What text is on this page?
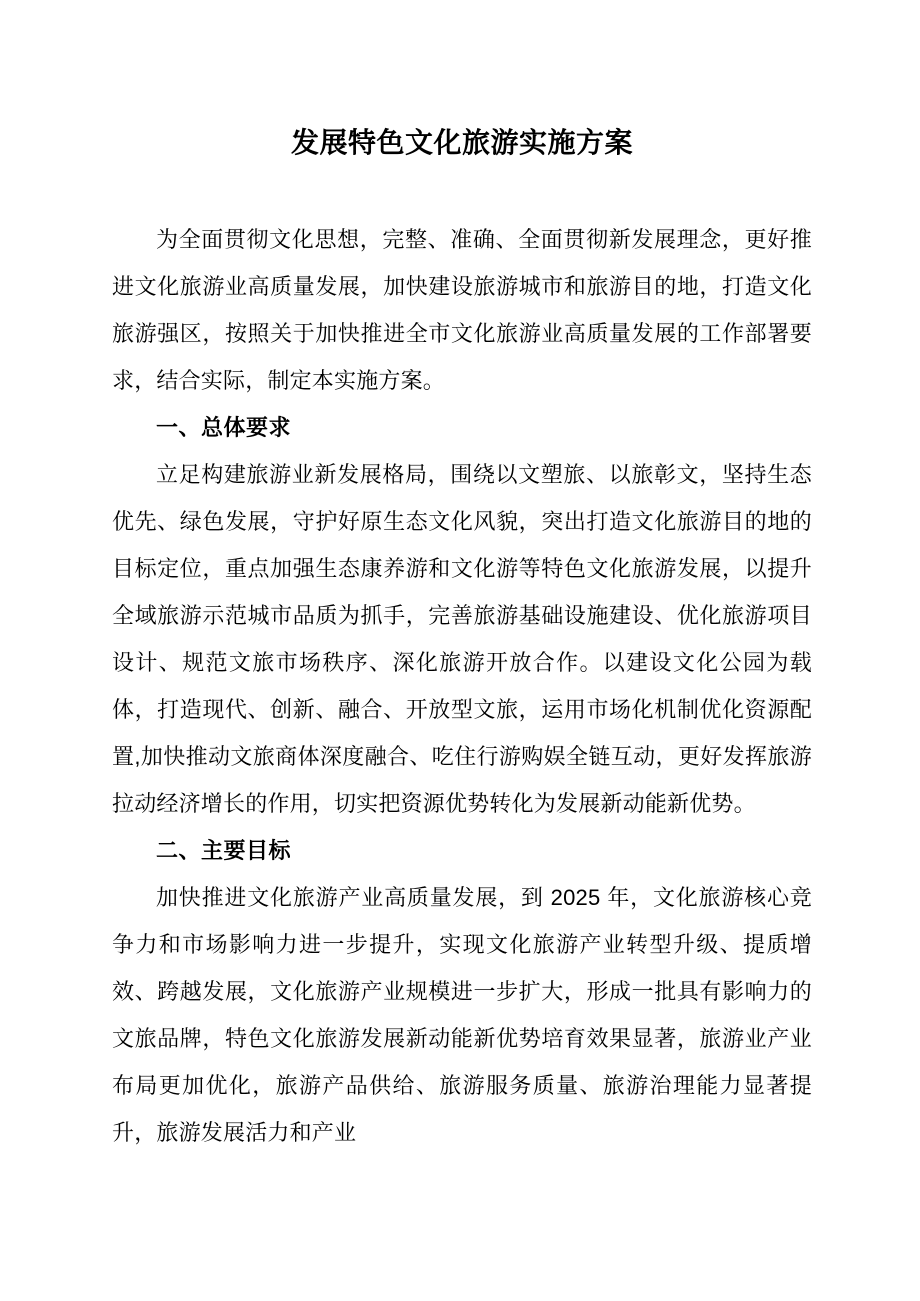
发展特色文化旅游实施方案

为全面贯彻文化思想，完整、准确、全面贯彻新发展理念，更好推进文化旅游业高质量发展，加快建设旅游城市和旅游目的地，打造文化旅游强区，按照关于加快推进全市文化旅游业高质量发展的工作部署要求，结合实际，制定本实施方案。

一、总体要求

立足构建旅游业新发展格局，围绕以文塑旅、以旅彰文，坚持生态优先、绿色发展，守护好原生态文化风貌，突出打造文化旅游目的地的目标定位，重点加强生态康养游和文化游等特色文化旅游发展，以提升全域旅游示范城市品质为抓手，完善旅游基础设施建设、优化旅游项目设计、规范文旅市场秩序、深化旅游开放合作。以建设文化公园为载体，打造现代、创新、融合、开放型文旅，运用市场化机制优化资源配置,加快推动文旅商体深度融合、吃住行游购娱全链互动，更好发挥旅游拉动经济增长的作用，切实把资源优势转化为发展新动能新优势。

二、主要目标

加快推进文化旅游产业高质量发展，到 2025 年，文化旅游核心竞争力和市场影响力进一步提升，实现文化旅游产业转型升级、提质增效、跨越发展，文化旅游产业规模进一步扩大，形成一批具有影响力的文旅品牌，特色文化旅游发展新动能新优势培育效果显著，旅游业产业布局更加优化，旅游产品供给、旅游服务质量、旅游治理能力显著提升，旅游发展活力和产业
